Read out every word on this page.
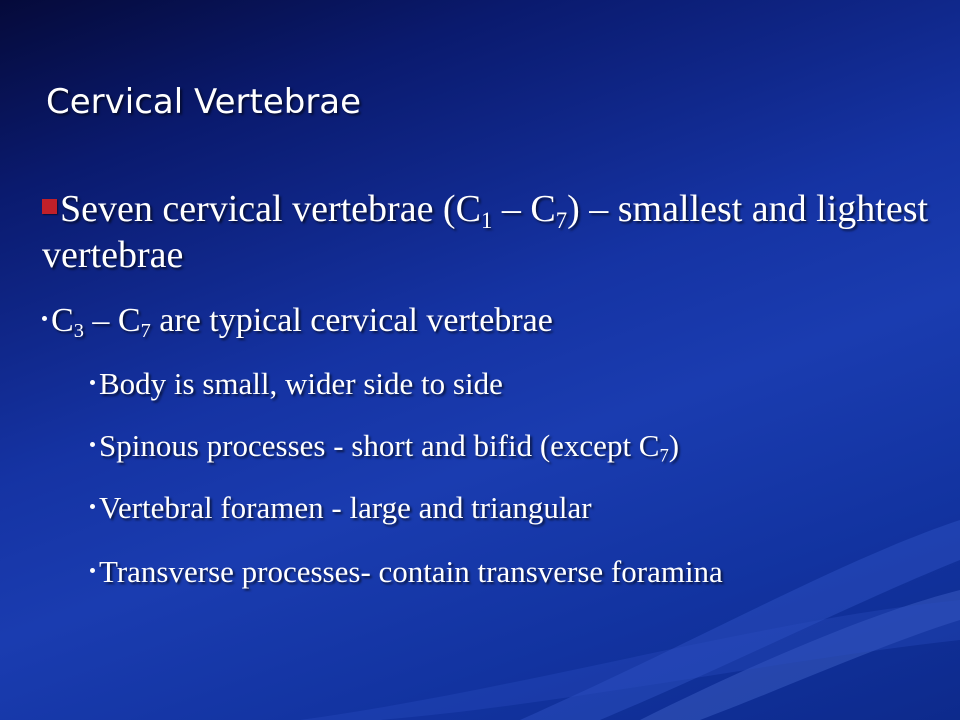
Cervical Vertebrae
Seven cervical vertebrae $(C_1 - C_7)$ – smallest and lightest vertebrae
$C_3 - C_7$ are typical cervical vertebrae
Body is small, wider side to side
Spinous processes - short and bifid (except $C_7$)
Vertebral foramen - large and triangular
Transverse processes- contain transverse foramina
